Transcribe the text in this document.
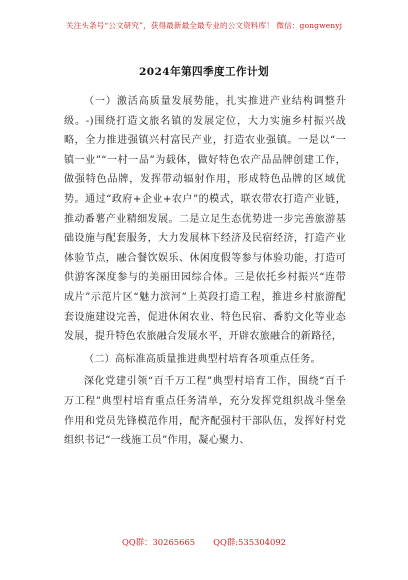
关注头条号“公文研究”，获得最新最全最专业的公文资料库！ 微信：gongwenyj
2024年第四季度工作计划

（一）激活高质量发展势能，扎实推进产业结构调整升级。-)围绕打造文旅名镇的发展定位，大力实施乡村振兴战略，全力推进强镇兴村富民产业，打造农业强镇。一是以“一镇一业”“一村一品”为载体，做好特色农产品品牌创建工作，做强特色品牌，发挥带动辐射作用，形成特色品牌的区域优势。通过“政府+企业+农户”的模式，联农带农打造产业链，推动番薯产业精细发展。二是立足生态优势进一步完善旅游基础设施与配套服务，大力发展林下经济及民宿经济，打造产业体验节点，融合餐饮娱乐、休闲度假等参与体验功能，打造可供游客深度参与的美丽田园综合体。三是依托乡村振兴“连带成片”示范片区“魅力滨河”上英段打造工程，推进乡村旅游配套设施建设完善，促进休闲农业、特色民宿、番豹文化等业态发展，提升特色农旅融合发展水平，开辟农旅融合的新路径，

（二）高标准高质量推进典型村培育各项重点任务。

深化党建引领“百千万工程”典型村培育工作，围绕“百千万工程”典型村培育重点任务清单，充分发挥党组织战斗堡垒作用和党员先锋模范作用，配齐配强村干部队伍，发挥好村党组织书记“一线施工员”作用，凝心聚力、

QQ群：30265665 QQ群:535304092
